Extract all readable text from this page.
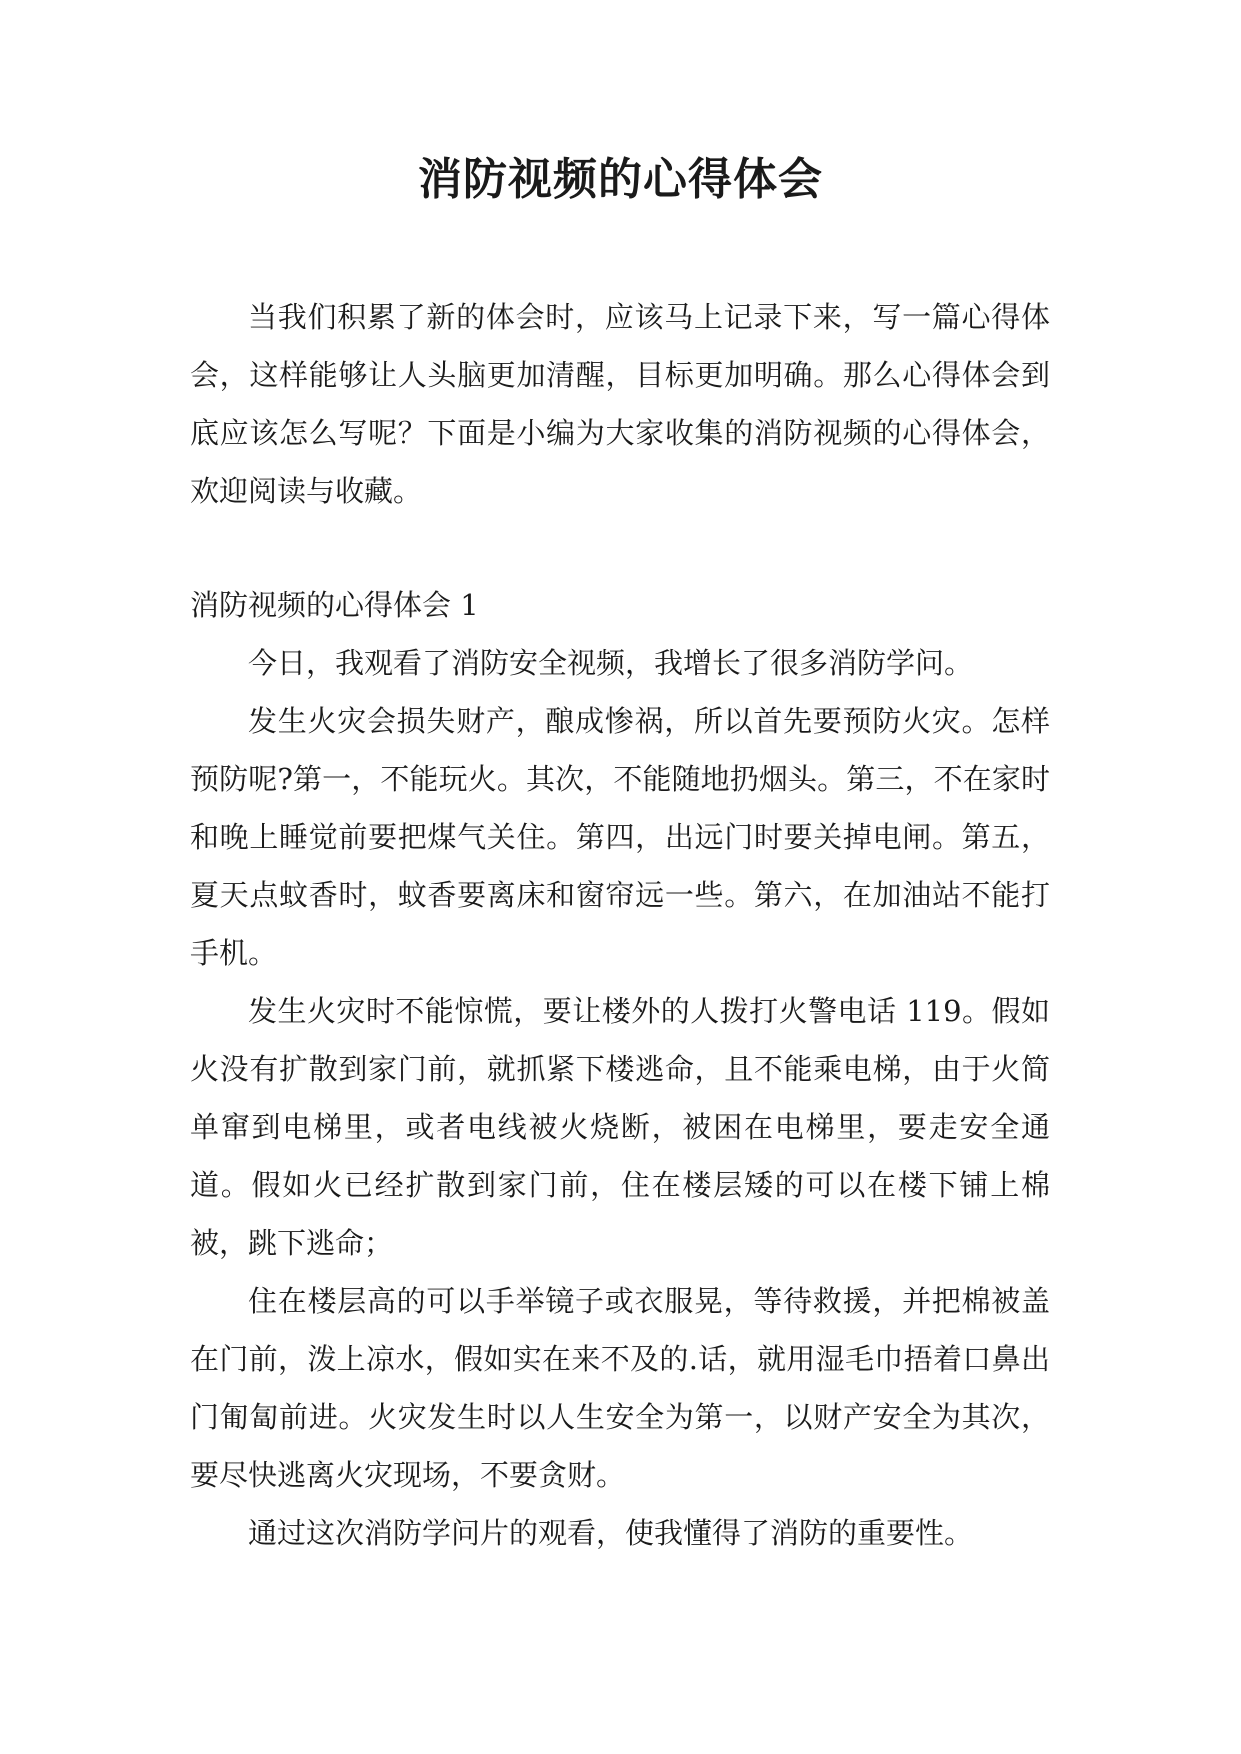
消防视频的心得体会

当我们积累了新的体会时，应该马上记录下来，写一篇心得体会，这样能够让人头脑更加清醒，目标更加明确。那么心得体会到底应该怎么写呢？下面是小编为大家收集的消防视频的心得体会，欢迎阅读与收藏。

消防视频的心得体会 1

今日，我观看了消防安全视频，我增长了很多消防学问。

发生火灾会损失财产，酿成惨祸，所以首先要预防火灾。怎样预防呢?第一，不能玩火。其次，不能随地扔烟头。第三，不在家时和晚上睡觉前要把煤气关住。第四，出远门时要关掉电闸。第五，夏天点蚊香时，蚊香要离床和窗帘远一些。第六，在加油站不能打手机。

发生火灾时不能惊慌，要让楼外的人拨打火警电话 119。假如火没有扩散到家门前，就抓紧下楼逃命，且不能乘电梯，由于火简单窜到电梯里，或者电线被火烧断，被困在电梯里，要走安全通道。假如火已经扩散到家门前，住在楼层矮的可以在楼下铺上棉被，跳下逃命；

住在楼层高的可以手举镜子或衣服晃，等待救援，并把棉被盖在门前，泼上凉水，假如实在来不及的.话，就用湿毛巾捂着口鼻出门匍匐前进。火灾发生时以人生安全为第一，以财产安全为其次，要尽快逃离火灾现场，不要贪财。

通过这次消防学问片的观看，使我懂得了消防的重要性。
